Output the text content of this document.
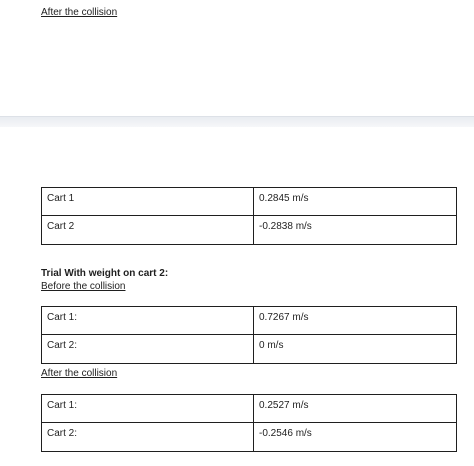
After the collision
Cart 1	0.2845 m/s
Cart 2	-0.2838 m/s
Trial With weight on cart 2:
Before the collision
Cart 1:	0.7267 m/s
Cart 2:	0 m/s
After the collision
Cart 1:	0.2527 m/s
Cart 2:	-0.2546 m/s
